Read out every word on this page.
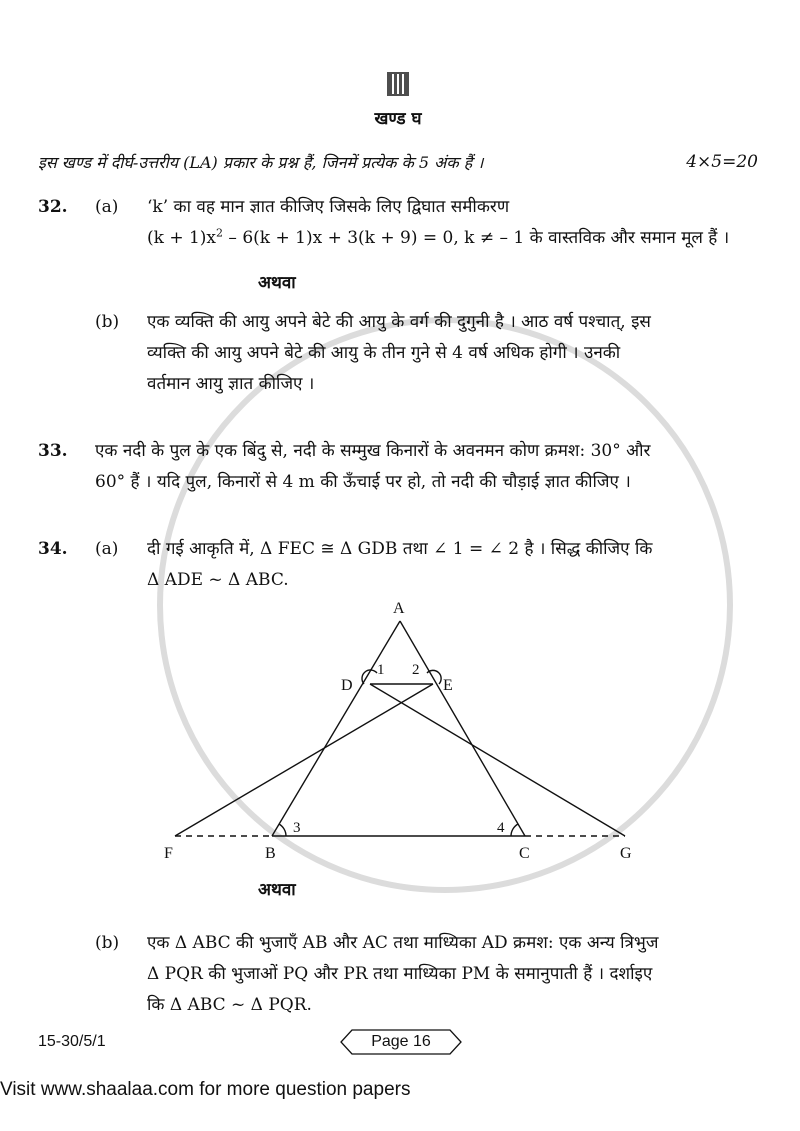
खण्ड घ
इस खण्ड में दीर्घ-उत्तरीय (LA) प्रकार के प्रश्न हैं, जिनमें प्रत्येक के 5 अंक हैं ।	4×5=20
32.	(a)	‘k’ का वह मान ज्ञात कीजिए जिसके लिए द्विघात समीकरण
$(k + 1)x^2 - 6(k + 1)x + 3(k + 9) = 0$, k ≠ – 1 के वास्तविक और समान मूल हैं ।
अथवा
(b)	एक व्यक्ति की आयु अपने बेटे की आयु के वर्ग की दुगुनी है । आठ वर्ष पश्चात्, इस
व्यक्ति की आयु अपने बेटे की आयु के तीन गुने से 4 वर्ष अधिक होगी । उनकी
वर्तमान आयु ज्ञात कीजिए ।
33.	एक नदी के पुल के एक बिंदु से, नदी के सम्मुख किनारों के अवनमन कोण क्रमश: 30° और
60° हैं । यदि पुल, किनारों से 4 m की ऊँचाई पर हो, तो नदी की चौड़ाई ज्ञात कीजिए ।
34.	(a)	दी गई आकृति में, Δ FEC ≅ Δ GDB तथा ∠ 1 = ∠ 2 है । सिद्ध कीजिए कि
Δ ADE ~ Δ ABC.
A
D	E
F	B	C	G
1 2
3	4
अथवा
(b)	एक Δ ABC की भुजाएँ AB और AC तथा माध्यिका AD क्रमश: एक अन्य त्रिभुज
Δ PQR की भुजाओं PQ और PR तथा माध्यिका PM के समानुपाती हैं । दर्शाइए
कि Δ ABC ~ Δ PQR.
15-30/5/1	Page 16
Visit www.shaalaa.com for more question papers
